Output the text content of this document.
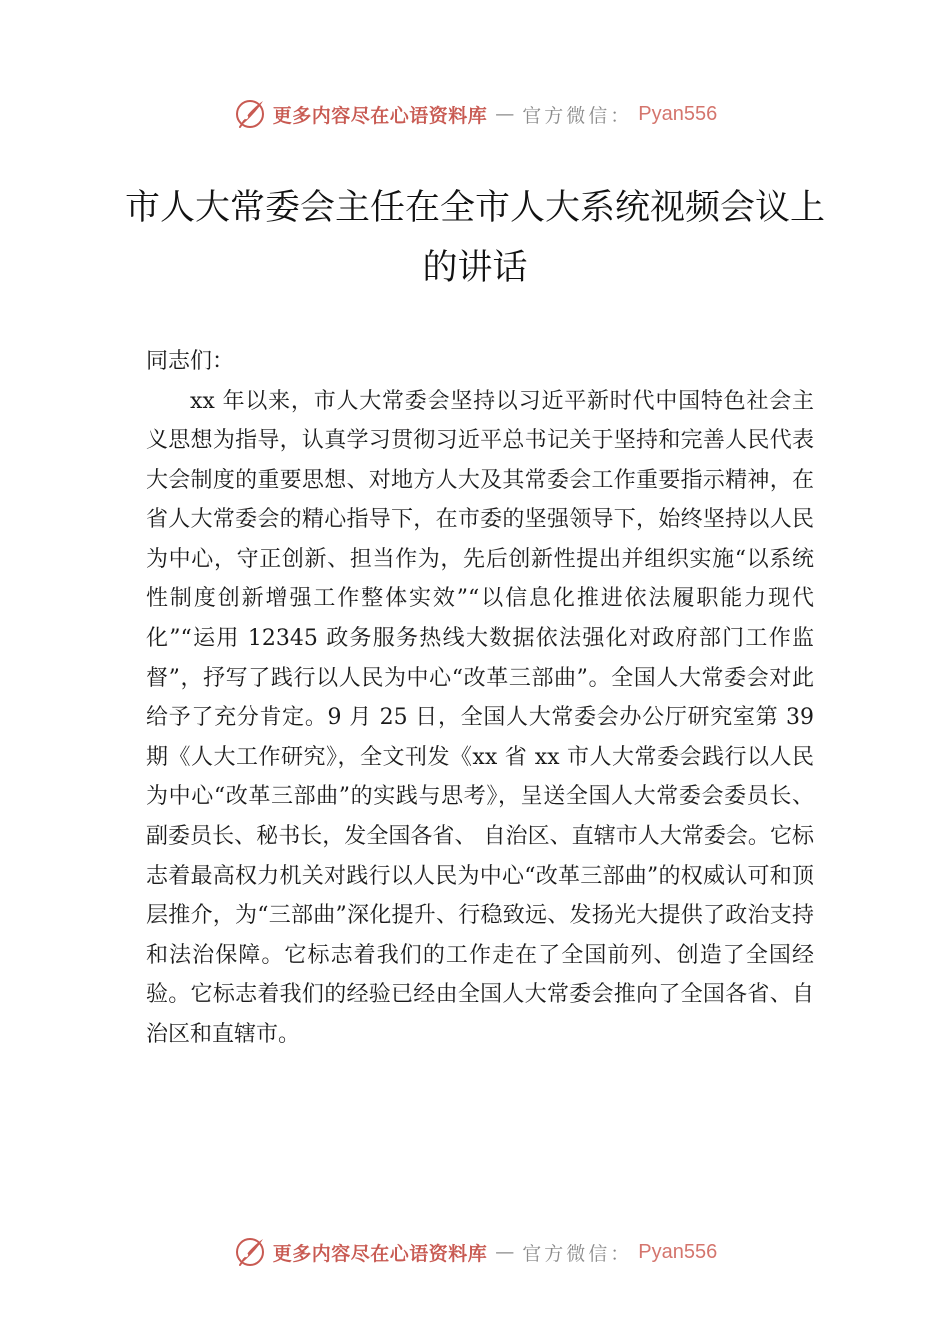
更多内容尽在心语资料库 — 官方微信： Pyan556
市人大常委会主任在全市人大系统视频会议上的讲话

同志们：

xx 年以来，市人大常委会坚持以习近平新时代中国特色社会主义思想为指导，认真学习贯彻习近平总书记关于坚持和完善人民代表大会制度的重要思想、对地方人大及其常委会工作重要指示精神，在省人大常委会的精心指导下，在市委的坚强领导下，始终坚持以人民为中心，守正创新、担当作为，先后创新性提出并组织实施“以系统性制度创新增强工作整体实效”“以信息化推进依法履职能力现代化”“运用 12345 政务服务热线大数据依法强化对政府部门工作监督”，抒写了践行以人民为中心“改革三部曲”。全国人大常委会对此给予了充分肯定。9 月 25 日，全国人大常委会办公厅研究室第 39 期《人大工作研究》，全文刊发《xx 省 xx 市人大常委会践行以人民为中心“改革三部曲”的实践与思考》，呈送全国人大常委会委员长、副委员长、秘书长，发全国各省、 自治区、直辖市人大常委会。它标志着最高权力机关对践行以人民为中心“改革三部曲”的权威认可和顶层推介，为“三部曲”深化提升、行稳致远、发扬光大提供了政治支持和法治保障。它标志着我们的工作走在了全国前列、创造了全国经验。它标志着我们的经验已经由全国人大常委会推向了全国各省、自治区和直辖市。

更多内容尽在心语资料库 — 官方微信： Pyan556
